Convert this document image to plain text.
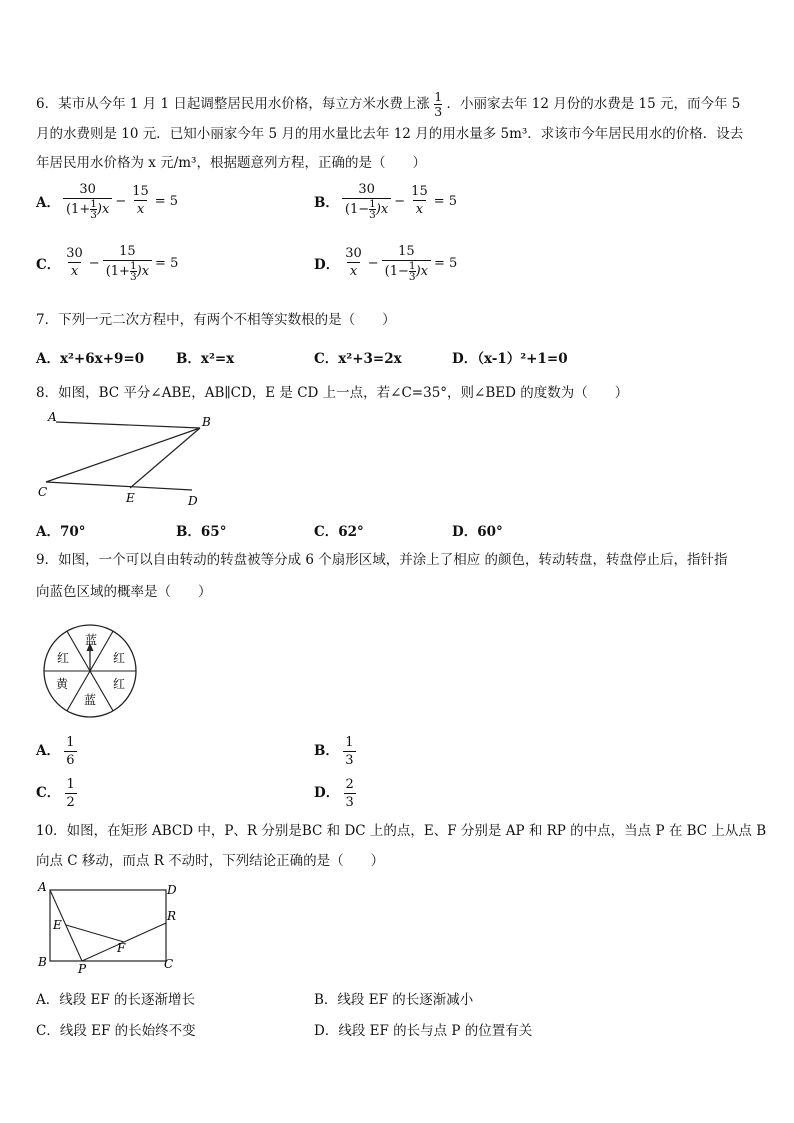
6．某市从今年 1 月 1 日起调整居民用水价格，每立方米水费上涨 $\frac{1}{3}$ ．小丽家去年 12 月份的水费是 15 元，而今年 5
月的水费则是 10 元．已知小丽家今年 5 月的用水量比去年 12 月的用水量多 5m³．求该市今年居民用水的价格．设去
年居民用水价格为 x 元/m³，根据题意列方程，正确的是（　　）
A． $\frac{30}{(1+ \frac{1}{3} )x} - \frac{15}{x} = 5$	B． $\frac{30}{(1- \frac{1}{3} )x} - \frac{15}{x} = 5$
C． $\frac{30}{x} - \frac{15}{(1+ \frac{1}{3} )x} = 5$	D． $\frac{30}{x} - \frac{15}{(1- \frac{1}{3} )x} = 5$
7．下列一元二次方程中，有两个不相等实数根的是（　　）
A．x²+6x+9=0 B．x²=x	C．x²+3=2x	D．（x-1）²+1=0
8．如图，BC 平分∠ABE，AB∥CD，E 是 CD 上一点，若∠C=35°，则∠BED 的度数为（　　）
A	B
C	E	D
A．70°	B．65°	C．62°	D．60°
9．如图，一个可以自由转动的转盘被等分成 6 个扇形区域，并涂上了相应 的颜色，转动转盘，转盘停止后，指针指
向蓝色区域的概率是（　　）
蓝
红
红
蓝
黄
红
A． $\frac{1}{6}$	B． $\frac{1}{3}$
C． $\frac{1}{2}$	D． $\frac{2}{3}$
10．如图，在矩形 ABCD 中，P、R 分别是BC 和 DC 上的点，E、F 分别是 AP 和 RP 的中点，当点 P 在 BC 上从点 B
向点 C 移动，而点 R 不动时，下列结论正确的是（　　）
A	D
R
E
F
B	P	C
A．线段 EF 的长逐渐增长	B．线段 EF 的长逐渐减小
C．线段 EF 的长始终不变	D．线段 EF 的长与点 P 的位置有关
